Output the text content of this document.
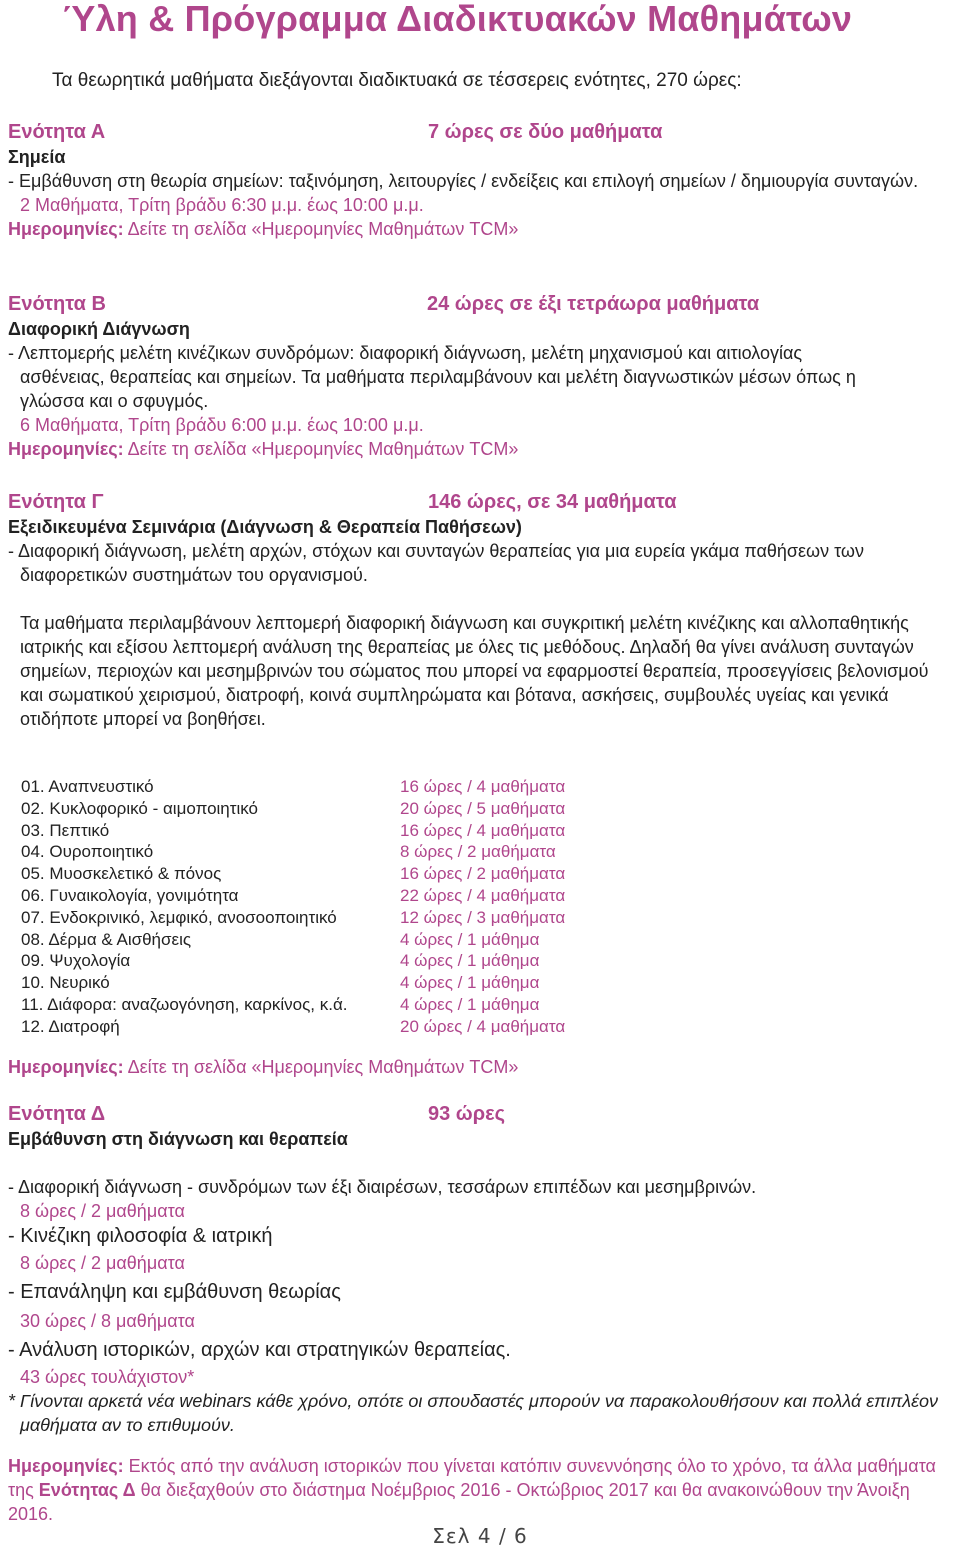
Ύλη & Πρόγραμμα Διαδικτυακών Μαθημάτων
Τα θεωρητικά μαθήματα διεξάγονται διαδικτυακά σε τέσσερεις ενότητες, 270 ώρες:
Ενότητα Α	7 ώρες σε δύο μαθήματα
Σημεία
- Εμβάθυνση στη θεωρία σημείων: ταξινόμηση, λειτουργίες / ενδείξεις και επιλογή σημείων / δημιουργία συνταγών.
2 Μαθήματα, Τρίτη βράδυ 6:30 μ.μ. έως 10:00 μ.μ.
Ημερομηνίες: Δείτε τη σελίδα «Ημερομηνίες Μαθημάτων TCM»
Ενότητα Β	24 ώρες σε έξι τετράωρα μαθήματα
Διαφορική Διάγνωση
- Λεπτομερής μελέτη κινέζικων συνδρόμων: διαφορική διάγνωση, μελέτη μηχανισμού και αιτιολογίας ασθένειας, θεραπείας και σημείων. Τα μαθήματα περιλαμβάνουν και μελέτη διαγνωστικών μέσων όπως η γλώσσα και ο σφυγμός.
6 Μαθήματα, Τρίτη βράδυ 6:00 μ.μ. έως 10:00 μ.μ.
Ημερομηνίες: Δείτε τη σελίδα «Ημερομηνίες Μαθημάτων TCM»
Ενότητα Γ	146 ώρες, σε 34 μαθήματα
Εξειδικευμένα Σεμινάρια (Διάγνωση & Θεραπεία Παθήσεων)
- Διαφορική διάγνωση, μελέτη αρχών, στόχων και συνταγών θεραπείας για μια ευρεία γκάμα παθήσεων των διαφορετικών συστημάτων του οργανισμού.
Τα μαθήματα περιλαμβάνουν λεπτομερή διαφορική διάγνωση και συγκριτική μελέτη κινέζικης και αλλοπαθητικής ιατρικής και εξίσου λεπτομερή ανάλυση της θεραπείας με όλες τις μεθόδους. Δηλαδή θα γίνει ανάλυση συνταγών σημείων, περιοχών και μεσημβρινών του σώματος που μπορεί να εφαρμοστεί θεραπεία, προσεγγίσεις βελονισμού και σωματικού χειρισμού, διατροφή, κοινά συμπληρώματα και βότανα, ασκήσεις, συμβουλές υγείας και γενικά οτιδήποτε μπορεί να βοηθήσει.
01. Αναπνευστικό	16 ώρες / 4 μαθήματα
02. Κυκλοφορικό - αιμοποιητικό	20 ώρες / 5 μαθήματα
03. Πεπτικό	16 ώρες / 4 μαθήματα
04. Ουροποιητικό	8 ώρες / 2 μαθήματα
05. Μυοσκελετικό & πόνος	16 ώρες / 2 μαθήματα
06. Γυναικολογία, γονιμότητα	22 ώρες / 4 μαθήματα
07. Ενδοκρινικό, λεμφικό, ανοσοοποιητικό	12 ώρες / 3 μαθήματα
08. Δέρμα & Αισθήσεις	4 ώρες / 1 μάθημα
09. Ψυχολογία	4 ώρες / 1 μάθημα
10. Νευρικό	4 ώρες / 1 μάθημα
11. Διάφορα: αναζωογόνηση, καρκίνος, κ.ά.	4 ώρες / 1 μάθημα
12. Διατροφή	20 ώρες / 4 μαθήματα
Ημερομηνίες: Δείτε τη σελίδα «Ημερομηνίες Μαθημάτων TCM»
Ενότητα Δ	93 ώρες
Εμβάθυνση στη διάγνωση και θεραπεία
- Διαφορική διάγνωση - συνδρόμων των έξι διαιρέσων, τεσσάρων επιπέδων και μεσημβρινών.
8 ώρες / 2 μαθήματα
- Κινέζικη φιλοσοφία & ιατρική
8 ώρες / 2 μαθήματα
- Επανάληψη και εμβάθυνση θεωρίας
30 ώρες / 8 μαθήματα
- Ανάλυση ιστορικών, αρχών και στρατηγικών θεραπείας.
43 ώρες τουλάχιστον*
* Γίνονται αρκετά νέα webinars κάθε χρόνο, οπότε οι σπουδαστές μπορούν να παρακολουθήσουν και πολλά επιπλέον μαθήματα αν το επιθυμούν.
Ημερομηνίες: Εκτός από την ανάλυση ιστορικών που γίνεται κατόπιν συνεννόησης όλο το χρόνο, τα άλλα μαθήματα της Ενότητας Δ θα διεξαχθούν στο διάστημα Νοέμβριος 2016 - Οκτώβριος 2017 και θα ανακοινώθουν την Άνοιξη 2016.
Σελ 4 / 6
